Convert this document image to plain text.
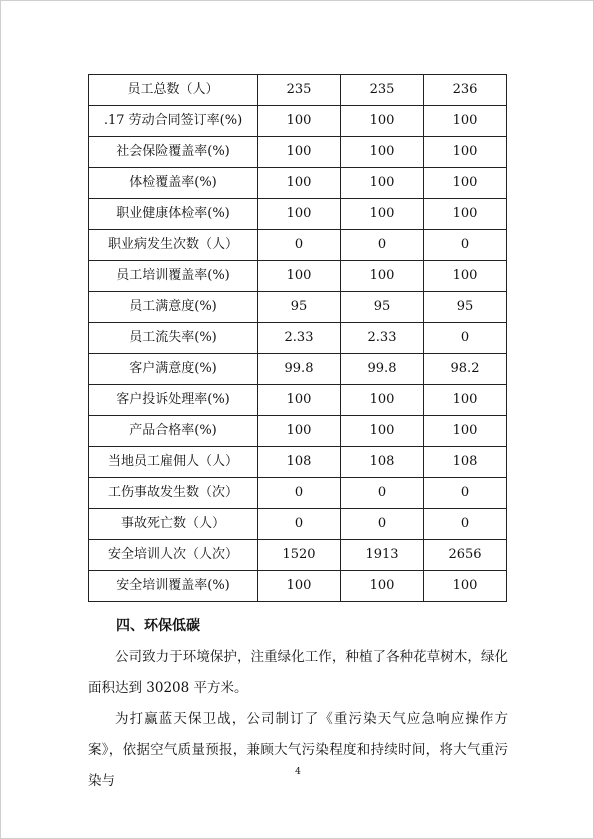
员工总数（人）	235	235	236
.17 劳动合同签订率(%)	100	100	100
社会保险覆盖率(%)	100	100	100
体检覆盖率(%)	100	100	100
职业健康体检率(%)	100	100	100
职业病发生次数（人）	0	0	0
员工培训覆盖率(%)	100	100	100
员工满意度(%)	95	95	95
员工流失率(%)	2.33	2.33	0
客户满意度(%)	99.8	99.8	98.2
客户投诉处理率(%)	100	100	100
产品合格率(%)	100	100	100
当地员工雇佣人（人）	108	108	108
工伤事故发生数（次）	0	0	0
事故死亡数（人）	0	0	0
安全培训人次（人次）	1520	1913	2656
安全培训覆盖率(%)	100	100	100
四、环保低碳

公司致力于环境保护，注重绿化工作，种植了各种花草树木，绿化面积达到 30208 平方米。

为打赢蓝天保卫战，公司制订了《重污染天气应急响应操作方案》，依据空气质量预报，兼顾大气污染程度和持续时间，将大气重污染与

4
